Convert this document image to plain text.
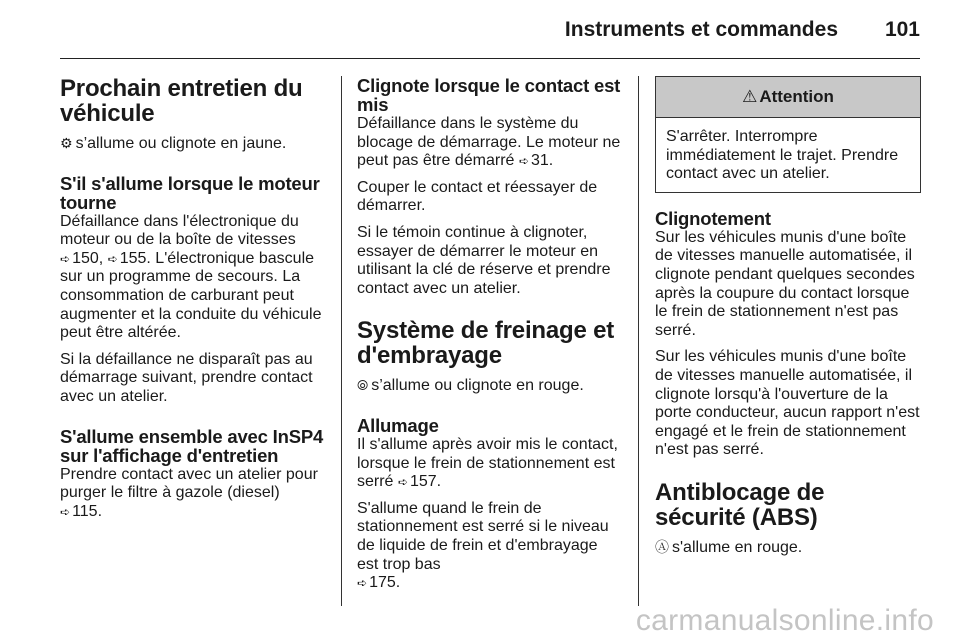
Instruments et commandes 101
Prochain entretien du véhicule

⚙ s’allume ou clignote en jaune.

S'il s'allume lorsque le moteur tourne

Défaillance dans l'électronique du moteur ou de la boîte de vitesses
➪ 150, ➪ 155. L'électronique bascule sur un programme de secours. La consommation de carburant peut augmenter et la conduite du véhicule peut être altérée.

Si la défaillance ne disparaît pas au démarrage suivant, prendre contact avec un atelier.

S'allume ensemble avec InSP4 sur l'affichage d'entretien

Prendre contact avec un atelier pour purger le filtre à gazole (diesel)
➪ 115.

Clignote lorsque le contact est mis

Défaillance dans le système du blocage de démarrage. Le moteur ne peut pas être démarré ➪ 31.

Couper le contact et réessayer de démarrer.

Si le témoin continue à clignoter, essayer de démarrer le moteur en utilisant la clé de réserve et prendre contact avec un atelier.

Système de freinage et d'embrayage

⦾ s’allume ou clignote en rouge.

Allumage

Il s'allume après avoir mis le contact, lorsque le frein de stationnement est serré ➪ 157.

S'allume quand le frein de stationnement est serré si le niveau de liquide de frein et d'embrayage est trop bas
➪ 175.

⚠ Attention
S'arrêter. Interrompre immédiatement le trajet. Prendre contact avec un atelier.
Clignotement

Sur les véhicules munis d'une boîte de vitesses manuelle automatisée, il clignote pendant quelques secondes après la coupure du contact lorsque le frein de stationnement n'est pas serré.

Sur les véhicules munis d'une boîte de vitesses manuelle automatisée, il clignote lorsqu'à l'ouverture de la porte conducteur, aucun rapport n'est engagé et le frein de stationnement n'est pas serré.

Antiblocage de sécurité (ABS)

Ⓐ s'allume en rouge.

carmanualsonline.info
